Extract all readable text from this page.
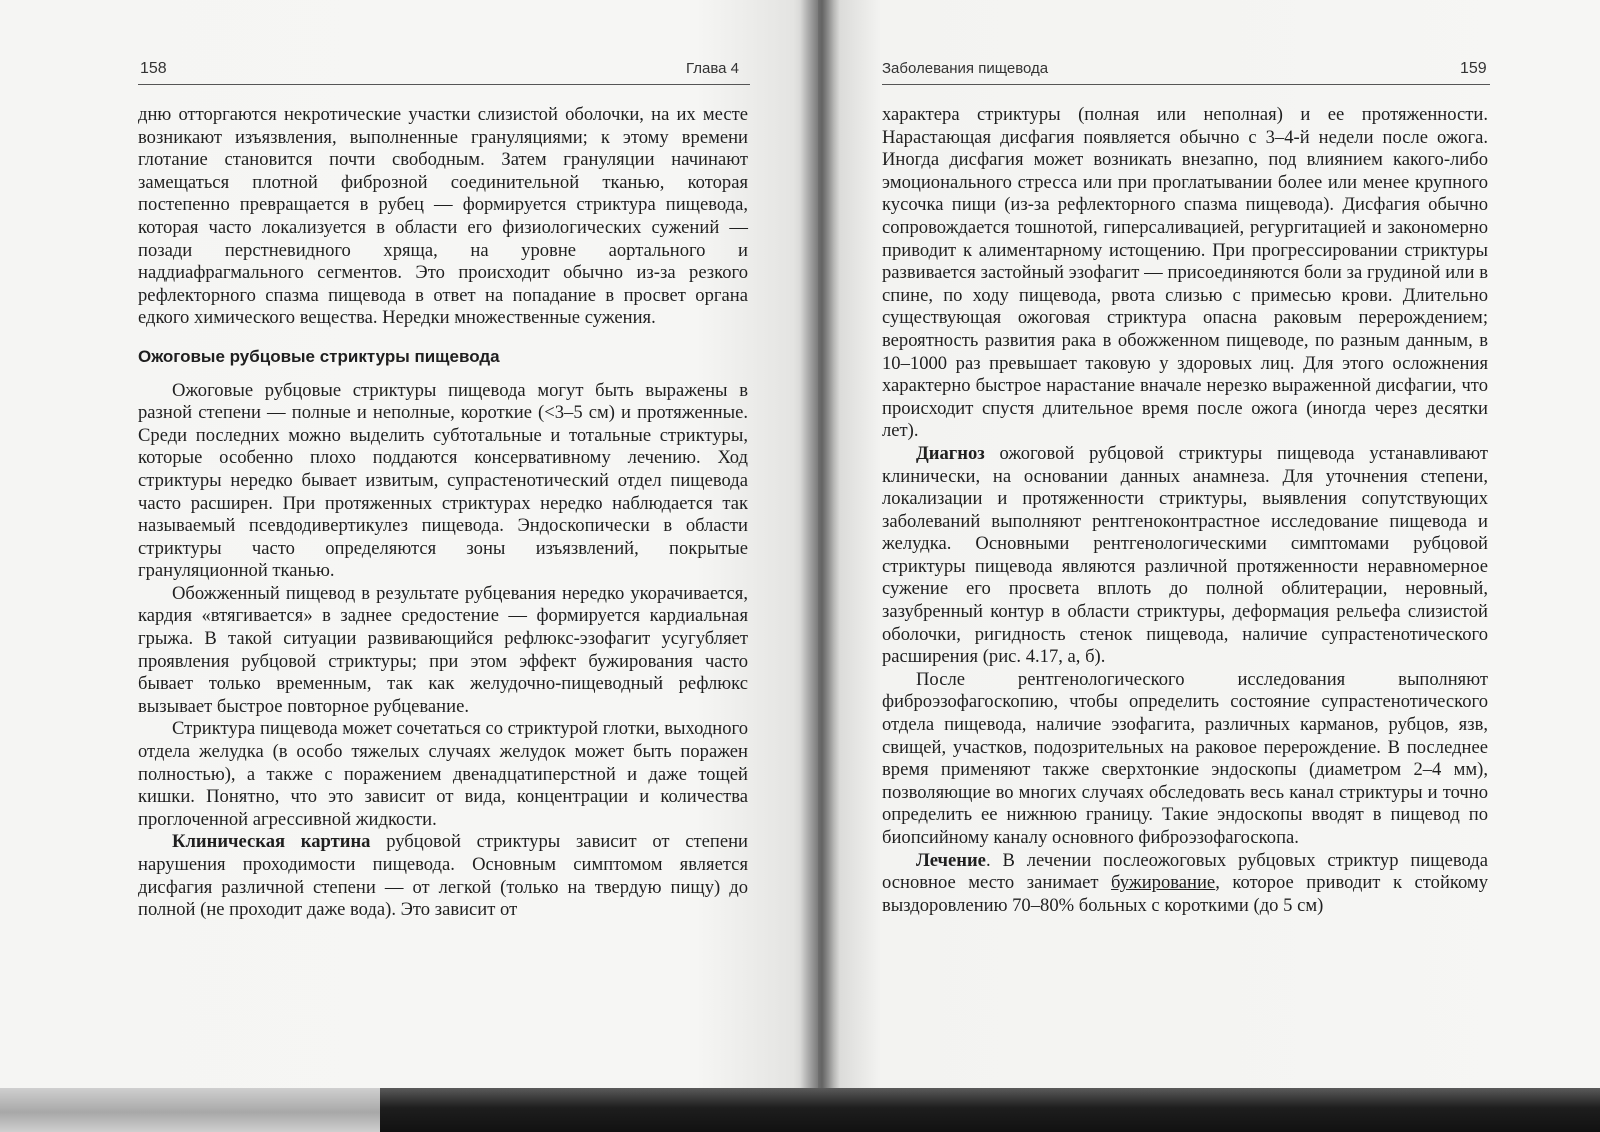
158	Глава 4

дню отторгаются некротические участки слизистой оболочки, на их месте возникают изъязвления, выполненные грануляциями; к этому времени глотание становится почти свободным. Затем грануляции начинают замещаться плотной фиброзной соединительной тканью, которая постепенно превращается в рубец — формируется стриктура пищевода, которая часто локализуется в области его физиологических сужений — позади перстневидного хряща, на уровне аортального и наддиафрагмального сегментов. Это происходит обычно из-за резкого рефлекторного спазма пищевода в ответ на попадание в просвет органа едкого химического вещества. Нередки множественные сужения.

Ожоговые рубцовые стриктуры пищевода

Ожоговые рубцовые стриктуры пищевода могут быть выражены в разной степени — полные и неполные, короткие (<3–5 см) и протяженные. Среди последних можно выделить субтотальные и тотальные стриктуры, которые особенно плохо поддаются консервативному лечению. Ход стриктуры нередко бывает извитым, супрастенотический отдел пищевода часто расширен. При протяженных стриктурах нередко наблюдается так называемый псевдодивертикулез пищевода. Эндоскопически в области стриктуры часто определяются зоны изъязвлений, покрытые грануляционной тканью.

Обожженный пищевод в результате рубцевания нередко укорачивается, кардия «втягивается» в заднее средостение — формируется кардиальная грыжа. В такой ситуации развивающийся рефлюкс-эзофагит усугубляет проявления рубцовой стриктуры; при этом эффект бужирования часто бывает только временным, так как желудочно-пищеводный рефлюкс вызывает быстрое повторное рубцевание.

Стриктура пищевода может сочетаться со стриктурой глотки, выходного отдела желудка (в особо тяжелых случаях желудок может быть поражен полностью), а также с поражением двенадцатиперстной и даже тощей кишки. Понятно, что это зависит от вида, концентрации и количества проглоченной агрессивной жидкости.

Клиническая картина рубцовой стриктуры зависит от степени нарушения проходимости пищевода. Основным симптомом является дисфагия различной степени — от легкой (только на твердую пищу) до полной (не проходит даже вода). Это зависит от

Заболевания пищевода	159

характера стриктуры (полная или неполная) и ее протяженности. Нарастающая дисфагия появляется обычно с 3–4-й недели после ожога. Иногда дисфагия может возникать внезапно, под влиянием какого-либо эмоционального стресса или при проглатывании более или менее крупного кусочка пищи (из-за рефлекторного спазма пищевода). Дисфагия обычно сопровождается тошнотой, гиперсаливацией, регургитацией и закономерно приводит к алиментарному истощению. При прогрессировании стриктуры развивается застойный эзофагит — присоединяются боли за грудиной или в спине, по ходу пищевода, рвота слизью с примесью крови. Длительно существующая ожоговая стриктура опасна раковым перерождением; вероятность развития рака в обожженном пищеводе, по разным данным, в 10–1000 раз превышает таковую у здоровых лиц. Для этого осложнения характерно быстрое нарастание вначале нерезко выраженной дисфагии, что происходит спустя длительное время после ожога (иногда через десятки лет).

Диагноз ожоговой рубцовой стриктуры пищевода устанавливают клинически, на основании данных анамнеза. Для уточнения степени, локализации и протяженности стриктуры, выявления сопутствующих заболеваний выполняют рентгеноконтрастное исследование пищевода и желудка. Основными рентгенологическими симптомами рубцовой стриктуры пищевода являются различной протяженности неравномерное сужение его просвета вплоть до полной облитерации, неровный, зазубренный контур в области стриктуры, деформация рельефа слизистой оболочки, ригидность стенок пищевода, наличие супрастенотического расширения (рис. 4.17, а, б).

После рентгенологического исследования выполняют фиброэзофагоскопию, чтобы определить состояние супрастенотического отдела пищевода, наличие эзофагита, различных карманов, рубцов, язв, свищей, участков, подозрительных на раковое перерождение. В последнее время применяют также сверхтонкие эндоскопы (диаметром 2–4 мм), позволяющие во многих случаях обследовать весь канал стриктуры и точно определить ее нижнюю границу. Такие эндоскопы вводят в пищевод по биопсийному каналу основного фиброэзофагоскопа.

Лечение. В лечении послеожоговых рубцовых стриктур пищевода основное место занимает бужирование, которое приводит к стойкому выздоровлению 70–80% больных с короткими (до 5 см)
